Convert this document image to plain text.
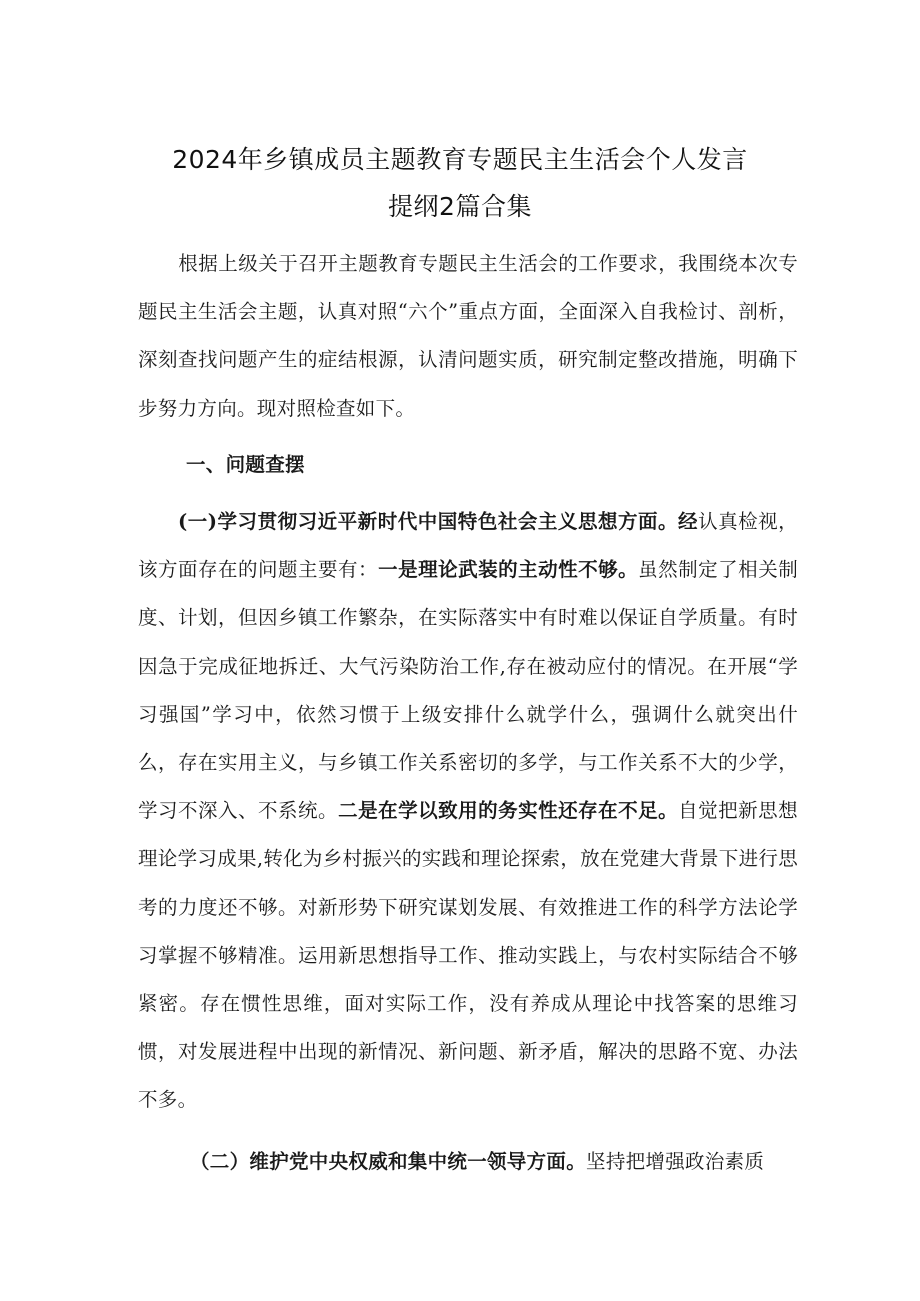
2024年乡镇成员主题教育专题民主生活会个人发言
提纲2篇合集
根据上级关于召开主题教育专题民主生活会的工作要求，我围绕本次专题民主生活会主题，认真对照“六个”重点方面，全面深入自我检讨、剖析，深刻查找问题产生的症结根源，认清问题实质，研究制定整改措施，明确下步努力方向。现对照检查如下。
一、问题查摆
(一)学习贯彻习近平新时代中国特色社会主义思想方面。经认真检视，该方面存在的问题主要有：一是理论武装的主动性不够。虽然制定了相关制度、计划，但因乡镇工作繁杂，在实际落实中有时难以保证自学质量。有时因急于完成征地拆迁、大气污染防治工作,存在被动应付的情况。在开展“学习强国”学习中，依然习惯于上级安排什么就学什么，强调什么就突出什么，存在实用主义，与乡镇工作关系密切的多学，与工作关系不大的少学，学习不深入、不系统。二是在学以致用的务实性还存在不足。自觉把新思想理论学习成果,转化为乡村振兴的实践和理论探索，放在党建大背景下进行思考的力度还不够。对新形势下研究谋划发展、有效推进工作的科学方法论学习掌握不够精准。运用新思想指导工作、推动实践上，与农村实际结合不够紧密。存在惯性思维，面对实际工作，没有养成从理论中找答案的思维习惯，对发展进程中出现的新情况、新问题、新矛盾，解决的思路不宽、办法不多。
（二）维护党中央权威和集中统一领导方面。坚持把增强政治素质
